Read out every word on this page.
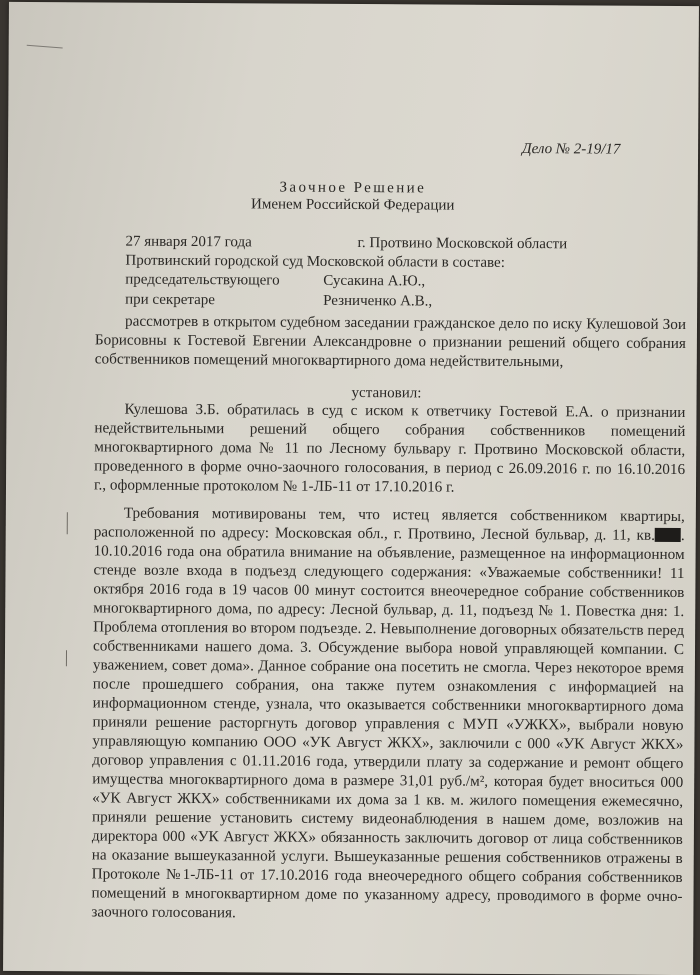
Дело № 2-19/17
Заочное Решение
Именем Российской Федерации
27 января 2017 года	г. Протвино Московской области
Протвинский городской суд Московской области в составе:
председательствующего	Сусакина А.Ю.,
при секретаре	Резниченко А.В.,

рассмотрев в открытом судебном заседании гражданское дело по иску Кулешовой Зои Борисовны к Гостевой Евгении Александровне о признании решений общего собрания собственников помещений многоквартирного дома недействительными,

установил:

Кулешова З.Б. обратилась в суд с иском к ответчику Гостевой Е.А. о признании недействительными решений общего собрания собственников помещений многоквартирного дома № 11 по Лесному бульвару г. Протвино Московской области, проведенного в форме очно-заочного голосования, в период с 26.09.2016 г. по 16.10.2016 г., оформленные протоколом № 1-ЛБ-11 от 17.10.2016 г.

Требования мотивированы тем, что истец является собственником квартиры, расположенной по адресу: Московская обл., г. Протвино, Лесной бульвар, д. 11, кв. . 10.10.2016 года она обратила внимание на объявление, размещенное на информационном стенде возле входа в подъезд следующего содержания: «Уважаемые собственники! 11 октября 2016 года в 19 часов 00 минут состоится внеочередное собрание собственников многоквартирного дома, по адресу: Лесной бульвар, д. 11, подъезд № 1. Повестка дня: 1. Проблема отопления во втором подъезде. 2. Невыполнение договорных обязательств перед собственниками нашего дома. 3. Обсуждение выбора новой управляющей компании. С уважением, совет дома». Данное собрание она посетить не смогла. Через некоторое время после прошедшего собрания, она также путем ознакомления с информацией на информационном стенде, узнала, что оказывается собственники многоквартирного дома приняли решение расторгнуть договор управления с МУП «УЖКХ», выбрали новую управляющую компанию ООО «УК Август ЖКХ», заключили с 000 «УК Август ЖКХ» договор управления с 01.11.2016 года, утвердили плату за содержание и ремонт общего имущества многоквартирного дома в размере 31,01 руб./м², которая будет вноситься 000 «УК Август ЖКХ» собственниками их дома за 1 кв. м. жилого помещения ежемесячно, приняли решение установить систему видеонаблюдения в нашем доме, возложив на директора 000 «УК Август ЖКХ» обязанность заключить договор от лица собственников на оказание вышеуказанной услуги. Вышеуказанные решения собственников отражены в Протоколе №1-ЛБ-11 от 17.10.2016 года внеочередного общего собрания собственников помещений в многоквартирном доме по указанному адресу, проводимого в форме очно-заочного голосования.
